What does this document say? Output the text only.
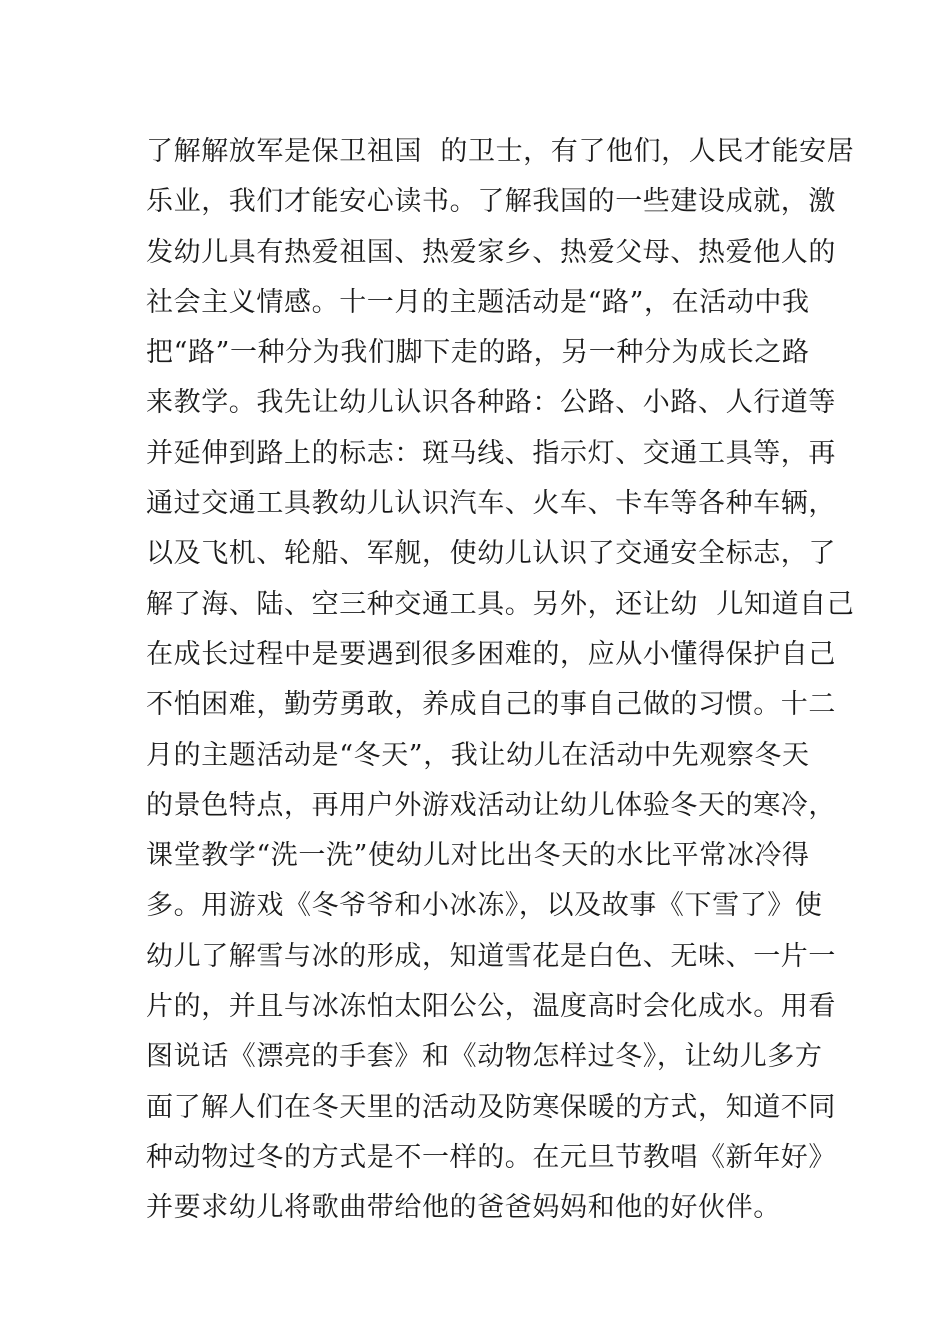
了解解放军是保卫祖国  的卫士，有了他们，人民才能安居
乐业，我们才能安心读书。了解我国的一些建设成就，激
发幼儿具有热爱祖国、热爱家乡、热爱父母、热爱他人的
社会主义情感。十一月的主题活动是“路”，在活动中我
把“路”一种分为我们脚下走的路，另一种分为成长之路
来教学。我先让幼儿认识各种路：公路、小路、人行道等
并延伸到路上的标志：斑马线、指示灯、交通工具等，再
通过交通工具教幼儿认识汽车、火车、卡车等各种车辆，
以及飞机、轮船、军舰，使幼儿认识了交通安全标志，了
解了海、陆、空三种交通工具。另外，还让幼  儿知道自己
在成长过程中是要遇到很多困难的，应从小懂得保护自己
不怕困难，勤劳勇敢，养成自己的事自己做的习惯。十二
月的主题活动是“冬天”，我让幼儿在活动中先观察冬天
的景色特点，再用户外游戏活动让幼儿体验冬天的寒冷，
课堂教学“洗一洗”使幼儿对比出冬天的水比平常冰冷得
多。用游戏《冬爷爷和小冰冻》，以及故事《下雪了》使
幼儿了解雪与冰的形成，知道雪花是白色、无味、一片一
片的，并且与冰冻怕太阳公公，温度高时会化成水。用看
图说话《漂亮的手套》和《动物怎样过冬》，让幼儿多方
面了解人们在冬天里的活动及防寒保暖的方式，知道不同
种动物过冬的方式是不一样的。在元旦节教唱《新年好》
并要求幼儿将歌曲带给他的爸爸妈妈和他的好伙伴。
